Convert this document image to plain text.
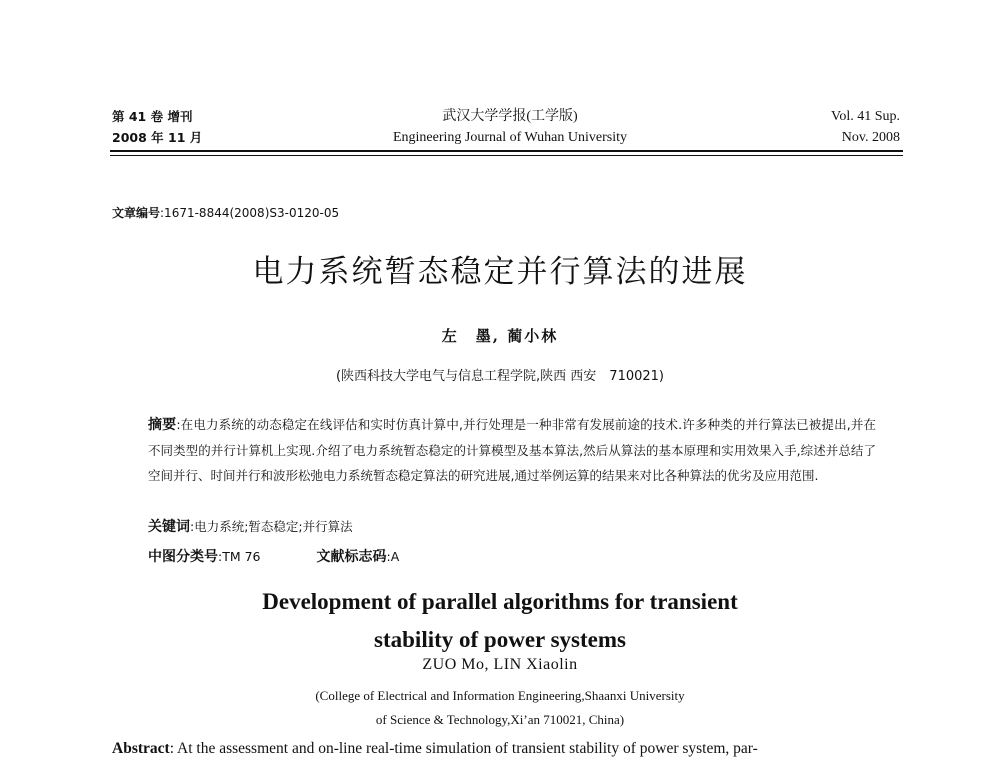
第 41 卷 增刊
2008 年 11 月
武汉大学学报(工学版)
Engineering Journal of Wuhan University
Vol. 41 Sup.
Nov. 2008
文章编号:1671-8844(2008)S3-0120-05
电力系统暂态稳定并行算法的进展
左　墨, 蔺小林
(陕西科技大学电气与信息工程学院,陕西 西安　710021)
摘要:在电力系统的动态稳定在线评估和实时仿真计算中,并行处理是一种非常有发展前途的技术.许多种类的并行算法已被提出,并在不同类型的并行计算机上实现.介绍了电力系统暂态稳定的计算模型及基本算法,然后从算法的基本原理和实用效果入手,综述并总结了空间并行、时间并行和波形松弛电力系统暂态稳定算法的研究进展,通过举例运算的结果来对比各种算法的优劣及应用范围.
关键词:电力系统;暂态稳定;并行算法
中图分类号:TM 76	文献标志码:A
Development of parallel algorithms for transient
stability of power systems
ZUO Mo, LIN Xiaolin
(College of Electrical and Information Engineering,Shaanxi University
of Science & Technology,Xi’an 710021, China)
Abstract: At the assessment and on-line real-time simulation of transient stability of power system, par-
